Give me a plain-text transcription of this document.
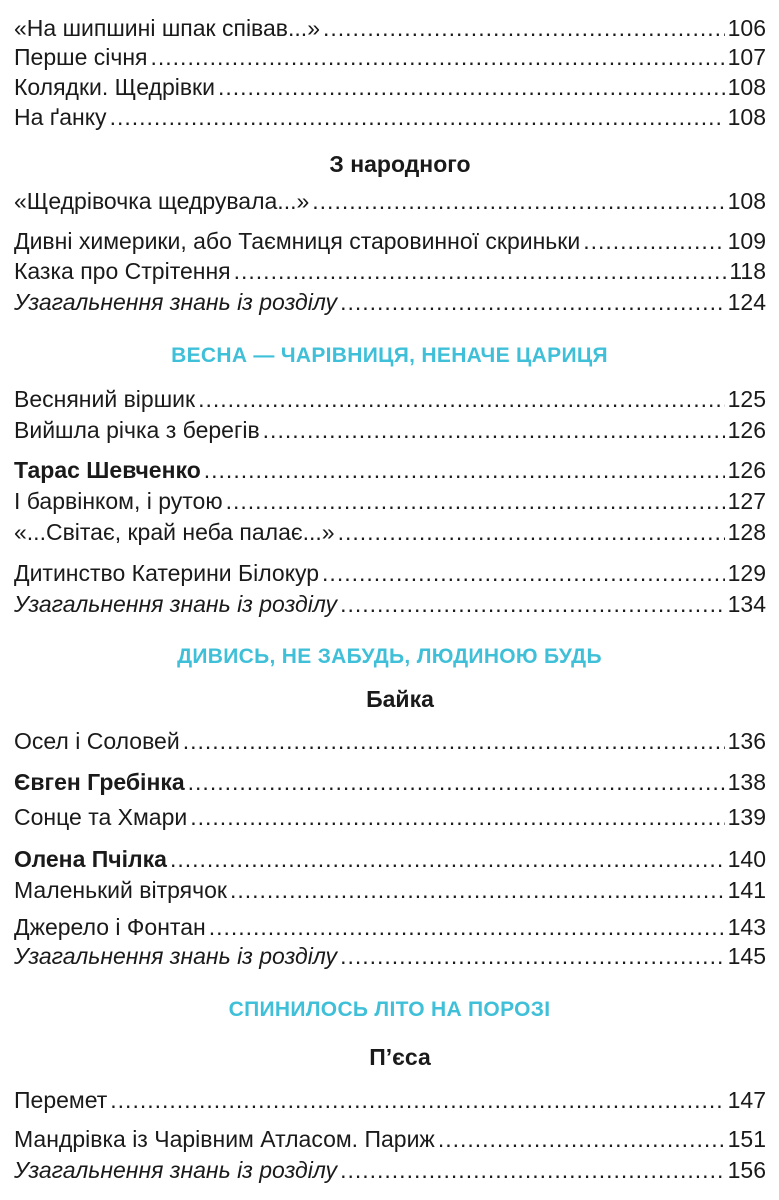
«На шипшині шпак співав...» .....	106
Перше січня .....	107
Колядки. Щедрівки .....	108
На ґанку .....	108
З народного
«Щедрівочка щедрувала...» .....	108
Дивні химерики, або Таємниця старовинної скриньки .....	109
Казка про Стрітення .....	118
Узагальнення знань із розділу .....	124
ВЕСНА — ЧАРІВНИЦЯ, НЕНАЧЕ ЦАРИЦЯ
Весняний віршик .....	125
Вийшла річка з берегів .....	126
Тарас Шевченко .....	126
І барвінком, і рутою .....	127
«...Світає, край неба палає...» .....	128
Дитинство Катерини Білокур .....	129
Узагальнення знань із розділу .....	134
ДИВИСЬ, НЕ ЗАБУДЬ, ЛЮДИНОЮ БУДЬ
Байка
Осел і Соловей .....	136
Євген Гребінка .....	138
Сонце та Хмари .....	139
Олена Пчілка .....	140
Маленький вітрячок .....	141
Джерело і Фонтан .....	143
Узагальнення знань із розділу .....	145
СПИНИЛОСЬ ЛІТО НА ПОРОЗІ
П’єса
Перемет .....	147
Мандрівка із Чарівним Атласом. Париж .....	151
Узагальнення знань із розділу .....	156
